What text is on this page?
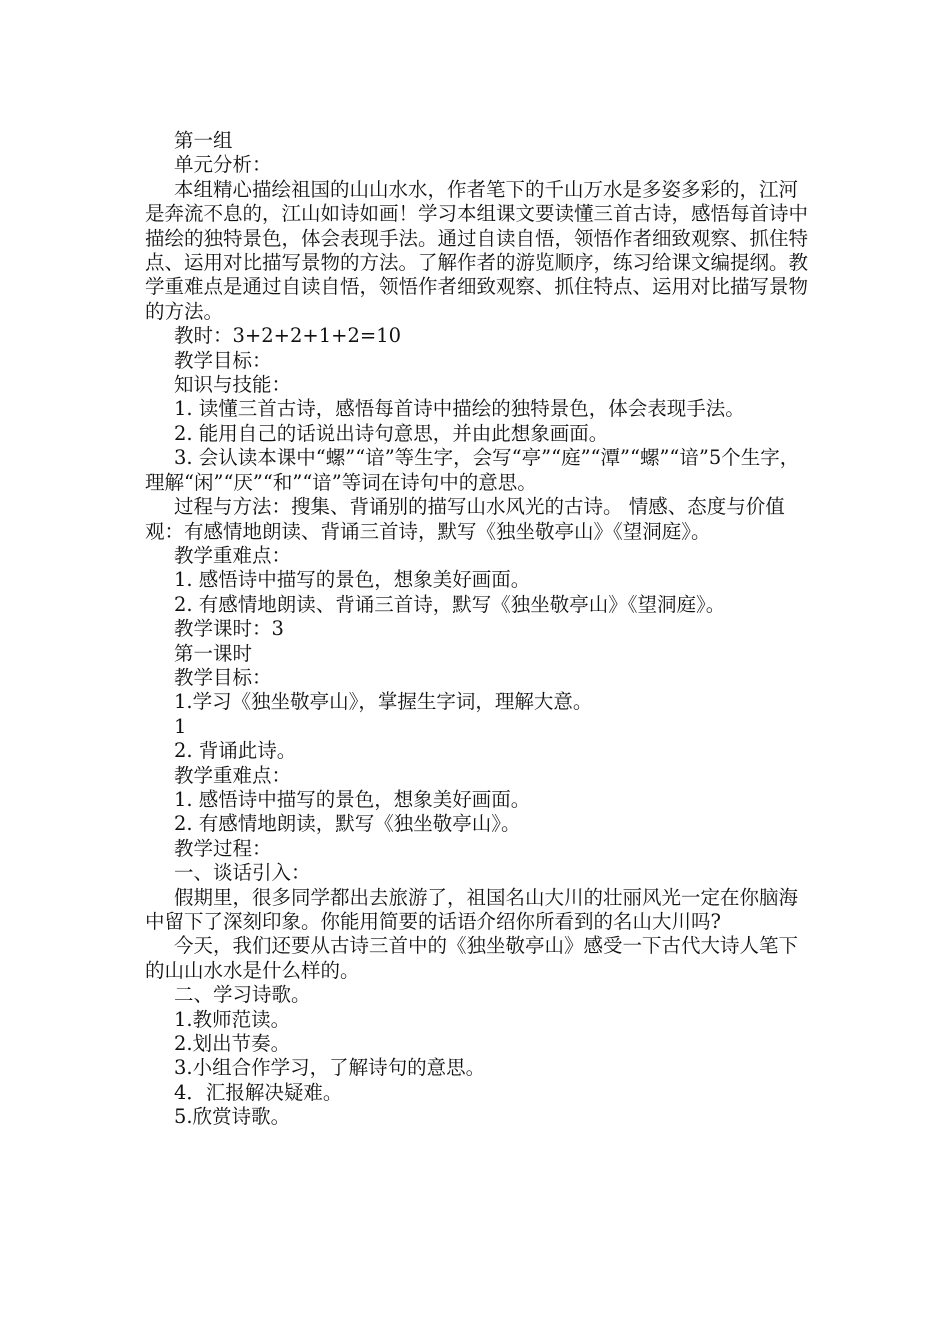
第一组

单元分析：

本组精心描绘祖国的山山水水，作者笔下的千山万水是多姿多彩的，江河是奔流不息的，江山如诗如画！学习本组课文要读懂三首古诗，感悟每首诗中描绘的独特景色，体会表现手法。通过自读自悟，领悟作者细致观察、抓住特点、运用对比描写景物的方法。了解作者的游览顺序，练习给课文编提纲。教学重难点是通过自读自悟，领悟作者细致观察、抓住特点、运用对比描写景物的方法。

教时：3+2+2+1+2=10

教学目标：

知识与技能：

1. 读懂三首古诗，感悟每首诗中描绘的独特景色，体会表现手法。

2. 能用自己的话说出诗句意思，并由此想象画面。

3. 会认读本课中“螺”“谙”等生字，会写“亭”“庭”“潭”“螺”“谙”5个生字，理解“闲”“厌”“和”“谙”等词在诗句中的意思。

过程与方法：搜集、背诵别的描写山水风光的古诗。 情感、态度与价值观：有感情地朗读、背诵三首诗，默写《独坐敬亭山》《望洞庭》。

教学重难点：

1. 感悟诗中描写的景色，想象美好画面。

2. 有感情地朗读、背诵三首诗，默写《独坐敬亭山》《望洞庭》。

教学课时：3

第一课时

教学目标：

1.学习《独坐敬亭山》，掌握生字词，理解大意。

1

2. 背诵此诗。

教学重难点：

1. 感悟诗中描写的景色，想象美好画面。

2. 有感情地朗读，默写《独坐敬亭山》。

教学过程：

一、谈话引入：

假期里，很多同学都出去旅游了，祖国名山大川的壮丽风光一定在你脑海中留下了深刻印象。你能用简要的话语介绍你所看到的名山大川吗?

今天，我们还要从古诗三首中的《独坐敬亭山》感受一下古代大诗人笔下的山山水水是什么样的。

二、学习诗歌。

1.教师范读。

2.划出节奏。

3.小组合作学习，了解诗句的意思。

4．汇报解决疑难。

5.欣赏诗歌。
